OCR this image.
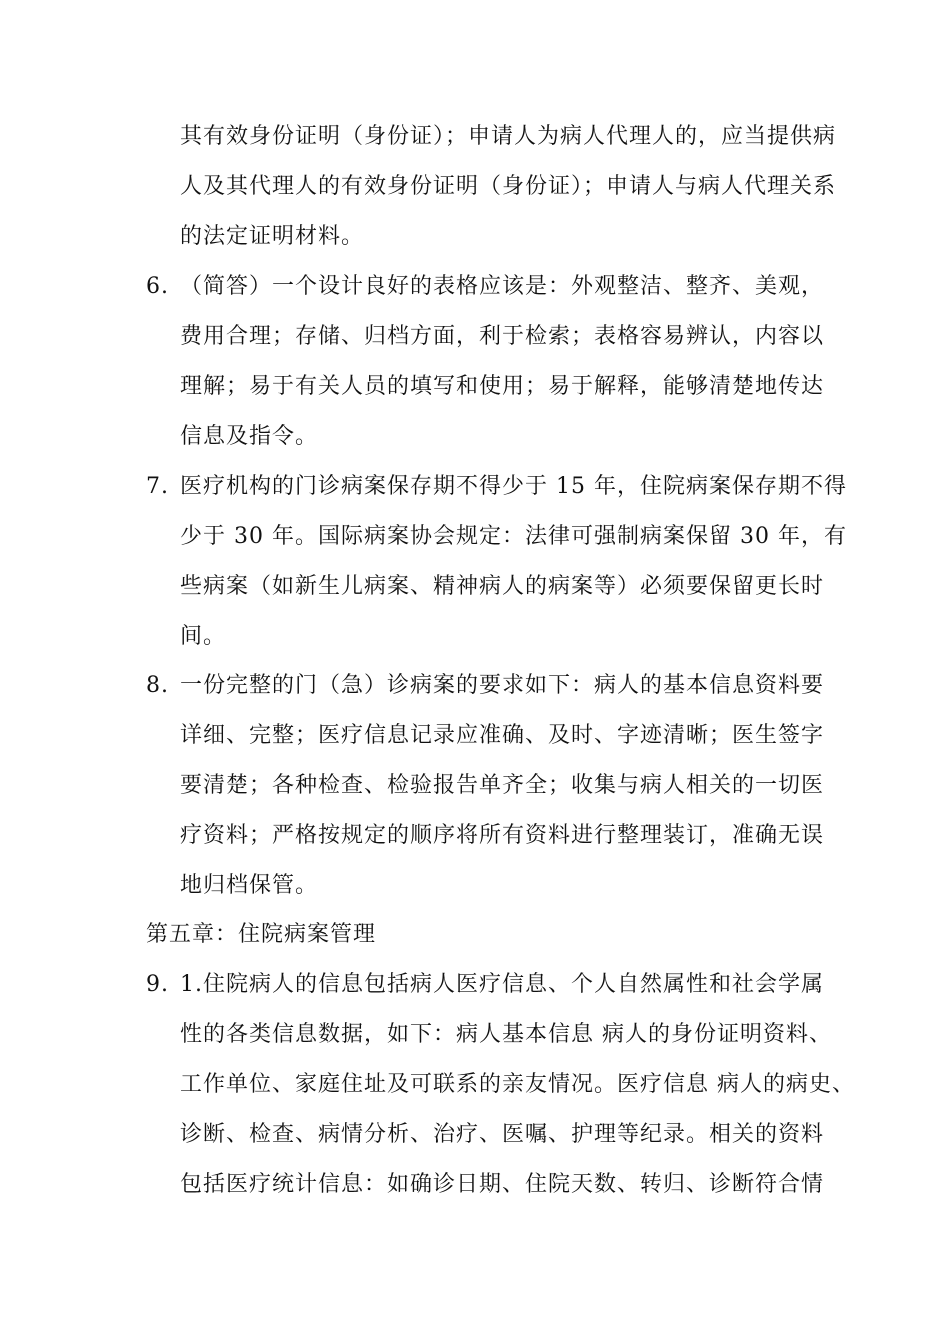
其有效身份证明（身份证）；申请人为病人代理人的，应当提供病
人及其代理人的有效身份证明（身份证）；申请人与病人代理关系
的法定证明材料。
6. （简答）一个设计良好的表格应该是：外观整洁、整齐、美观，
费用合理；存储、归档方面，利于检索；表格容易辨认，内容以
理解；易于有关人员的填写和使用；易于解释，能够清楚地传达
信息及指令。
7. 医疗机构的门诊病案保存期不得少于 15 年，住院病案保存期不得
少于 30 年。国际病案协会规定：法律可强制病案保留 30 年，有
些病案（如新生儿病案、精神病人的病案等）必须要保留更长时
间。
8. 一份完整的门（急）诊病案的要求如下：病人的基本信息资料要
详细、完整；医疗信息记录应准确、及时、字迹清晰；医生签字
要清楚；各种检查、检验报告单齐全；收集与病人相关的一切医
疗资料；严格按规定的顺序将所有资料进行整理装订，准确无误
地归档保管。
第五章：住院病案管理
9. 1.住院病人的信息包括病人医疗信息、个人自然属性和社会学属
性的各类信息数据，如下：病人基本信息 病人的身份证明资料、
工作单位、家庭住址及可联系的亲友情况。医疗信息 病人的病史、
诊断、检查、病情分析、治疗、医嘱、护理等纪录。相关的资料
包括医疗统计信息：如确诊日期、住院天数、转归、诊断符合情
